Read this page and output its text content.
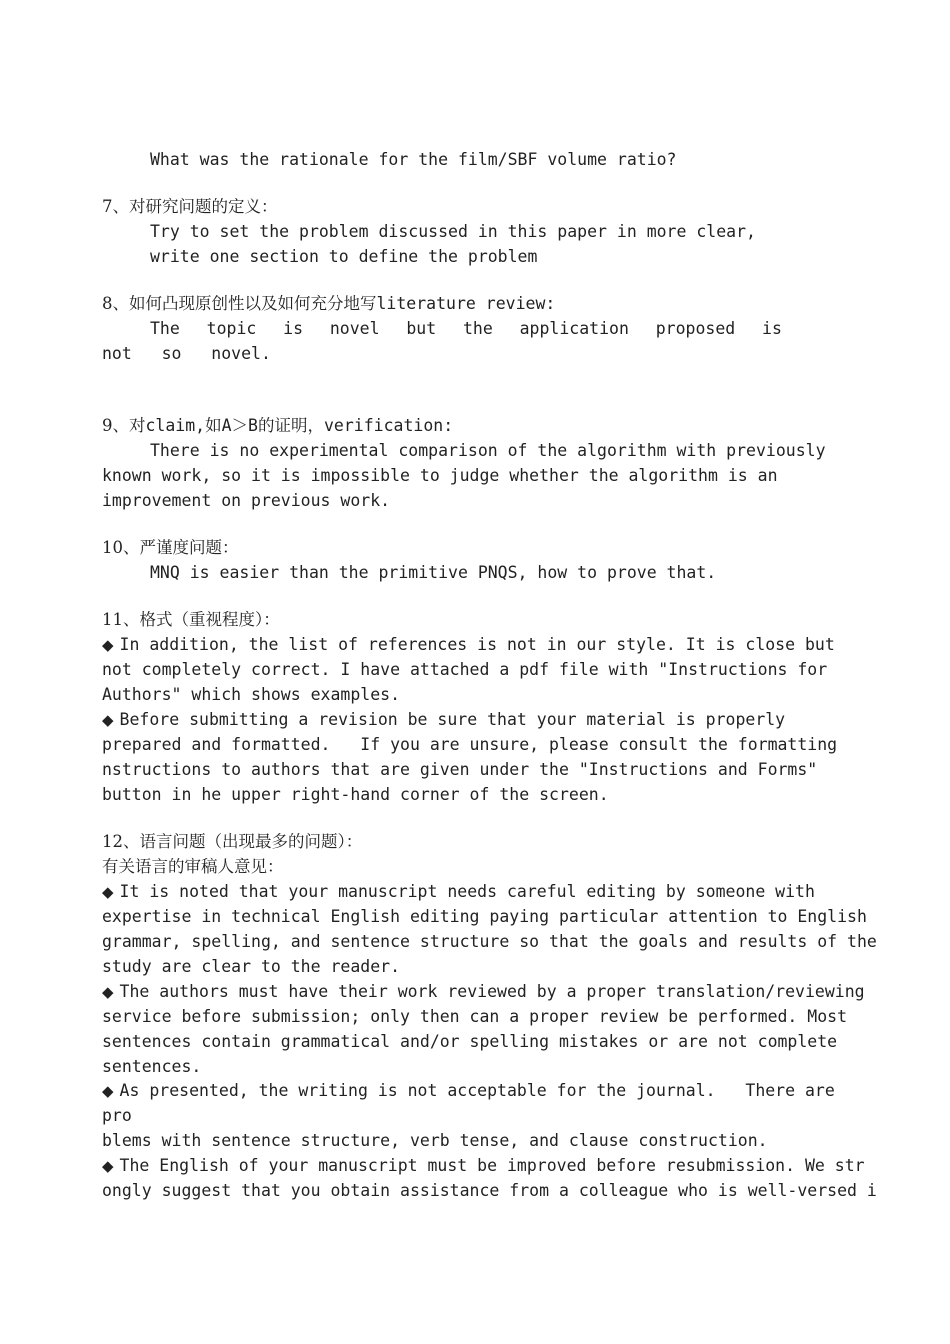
What was the rationale for the film/SBF volume ratio?
7、对研究问题的定义：
Try to set the problem discussed in this paper in more clear,
write one section to define the problem
8、如何凸现原创性以及如何充分地写literature review:
The topic is novel but the application proposed is
not   so   novel.
9、对claim,如A＞B的证明，verification:
There is no experimental comparison of the algorithm with previously
known work, so it is impossible to judge whether the algorithm is an
improvement on previous work.
10、严谨度问题：
MNQ is easier than the primitive PNQS, how to prove that.
11、格式（重视程度）：
◆ In addition, the list of references is not in our style. It is close but
not completely correct. I have attached a pdf file with "Instructions for
Authors" which shows examples.
◆ Before submitting a revision be sure that your material is properly
prepared and formatted.   If you are unsure, please consult the formatting
nstructions to authors that are given under the "Instructions and Forms"
button in he upper right-hand corner of the screen.
12、语言问题（出现最多的问题）：
有关语言的审稿人意见：
◆ It is noted that your manuscript needs careful editing by someone with
expertise in technical English editing paying particular attention to English
grammar, spelling, and sentence structure so that the goals and results of the
study are clear to the reader.
◆ The authors must have their work reviewed by a proper translation/reviewing
service before submission; only then can a proper review be performed. Most
sentences contain grammatical and/or spelling mistakes or are not complete
sentences.
◆ As presented, the writing is not acceptable for the journal.   There are
pro
blems with sentence structure, verb tense, and clause construction.
◆ The English of your manuscript must be improved before resubmission. We str
ongly suggest that you obtain assistance from a colleague who is well-versed i
